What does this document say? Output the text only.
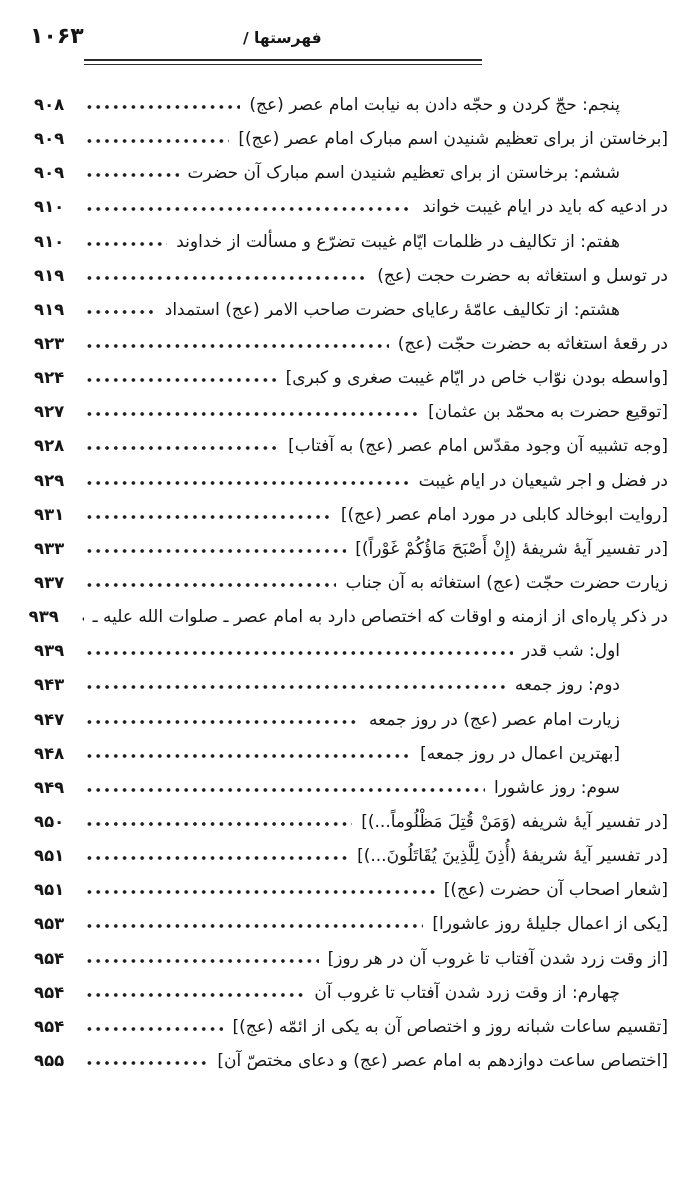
۱۰۶۳	فهرستها /
پنجم: حجّ کردن و حجّه دادن به نیابت امام عصر (عج)
۹۰۸
[برخاستن از برای تعظیم شنیدن اسم مبارک امام عصر (عج)]
۹۰۹
ششم: برخاستن از برای تعظیم شنیدن اسم مبارک آن حضرت
۹۰۹
در ادعیه که باید در ایام غیبت خواند
۹۱۰
هفتم: از تکالیف در ظلمات ایّام غیبت تضرّع و مسألت از خداوند
۹۱۰
در توسل و استغاثه به حضرت حجت (عج)
۹۱۹
هشتم: از تکالیف عامّهٔ رعایای حضرت صاحب الامر (عج) استمداد
۹۱۹
در رقعهٔ استغاثه به حضرت حجّت (عج)
۹۲۳
[واسطه بودن نوّاب خاص در ایّام غیبت صغری و کبری]
۹۲۴
[توقیع حضرت به محمّد بن عثمان]
۹۲۷
[وجه تشبیه آن وجود مقدّس امام عصر (عج) به آفتاب]
۹۲۸
در فضل و اجر شیعیان در ایام غیبت
۹۲۹
[روایت ابوخالد کابلی در مورد امام عصر (عج)]
۹۳۱
[در تفسیر آیهٔ شریفهٔ (إِنْ أَصْبَحَ مَاؤُکُمْ غَوْراً)]
۹۳۳
زیارت حضرت حجّت (عج) استغاثه به آن جناب
۹۳۷
در ذکر پاره‌ای از ازمنه و اوقات که اختصاص دارد به امام عصر ـ صلوات الله علیه ـ
۹۳۹
اول: شب قدر
۹۳۹
دوم: روز جمعه
۹۴۳
زیارت امام عصر (عج) در روز جمعه
۹۴۷
[بهترین اعمال در روز جمعه]
۹۴۸
سوم: روز عاشورا
۹۴۹
[در تفسیر آیهٔ شریفه (وَمَنْ قُتِلَ مَظْلُوماً...)]
۹۵۰
[در تفسیر آیهٔ شریفهٔ (أُذِنَ لِلَّذِینَ یُقَاتَلُونَ...)]
۹۵۱
[شعار اصحاب آن حضرت (عج)]
۹۵۱
[یکی از اعمال جلیلهٔ روز عاشورا]
۹۵۳
[از وقت زرد شدن آفتاب تا غروب آن در هر روز]
۹۵۴
چهارم: از وقت زرد شدن آفتاب تا غروب آن
۹۵۴
[تقسیم ساعات شبانه روز و اختصاص آن به یکی از ائمّه (عج)]
۹۵۴
[اختصاص ساعت دوازدهم به امام عصر (عج) و دعای مختصّ آن]
۹۵۵
